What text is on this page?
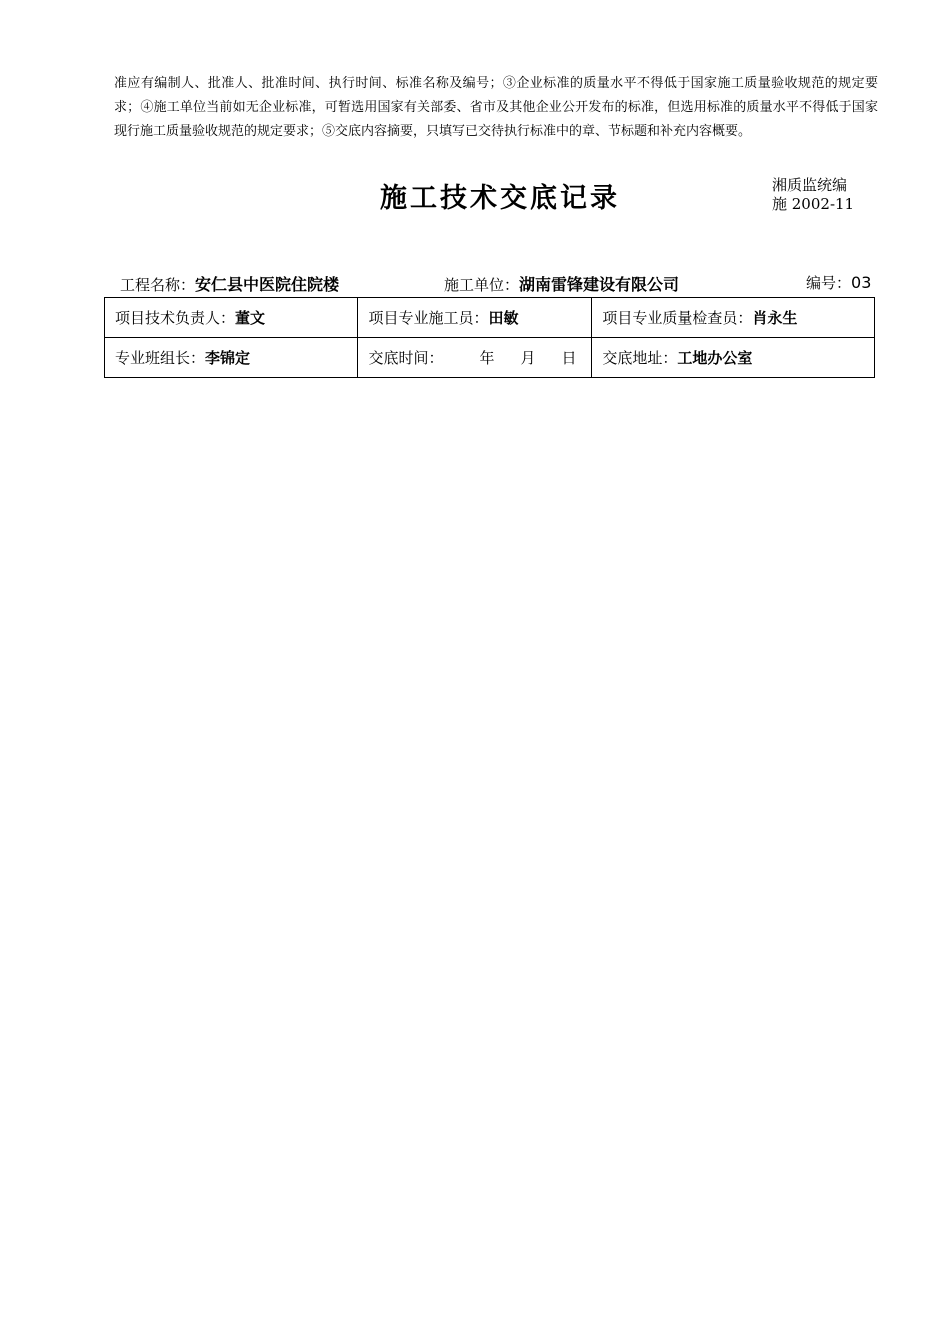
准应有编制人、批准人、批准时间、执行时间、标准名称及编号；③企业标准的质量水平不得低于国家施工质量验收规范的规定要求；④施工单位当前如无企业标准，可暂选用国家有关部委、省市及其他企业公开发布的标准，但选用标准的质量水平不得低于国家现行施工质量验收规范的规定要求；⑤交底内容摘要，只填写已交待执行标准中的章、节标题和补充内容概要。
施工技术交底记录	湘质监统编
施 2002-11
工程名称：安仁县中医院住院楼	施工单位：湖南雷锋建设有限公司	编号：03
项目技术负责人：董文	项目专业施工员：田敏	项目专业质量检查员：肖永生
专业班组长：李锦定	交底时间： 年 月 日	交底地址：工地办公室
